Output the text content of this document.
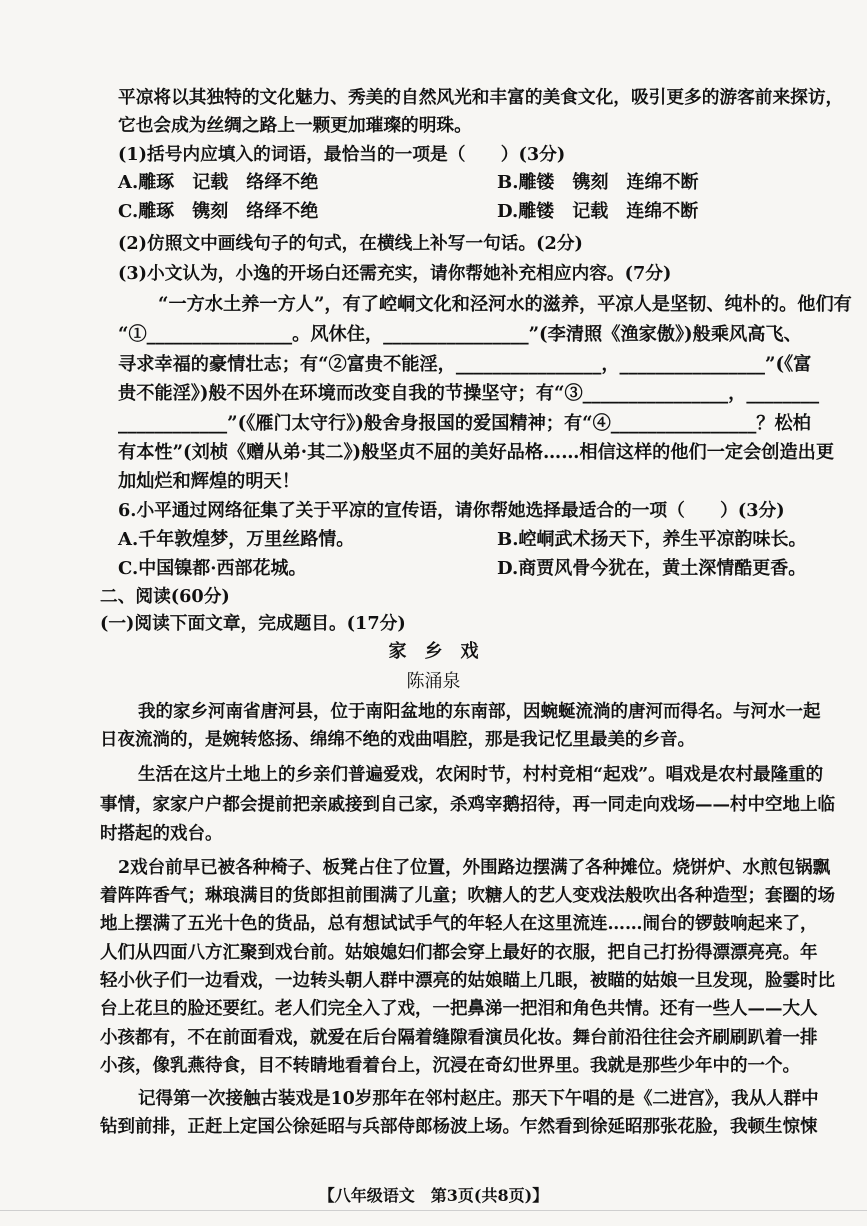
平凉将以其独特的文化魅力、秀美的自然风光和丰富的美食文化，吸引更多的游客前来探访，
它也会成为丝绸之路上一颗更加璀璨的明珠。
(1)括号内应填入的词语，最恰当的一项是（　　）(3分)
(2)仿照文中画线句子的句式，在横线上补写一句话。(2分)
(3)小文认为，小逸的开场白还需充实，请你帮她补充相应内容。(7分)
“一方水土养一方人”，有了崆峒文化和泾河水的滋养，平凉人是坚韧、纯朴的。他们有
“①________________。风休住，________________”(李清照《渔家傲》)般乘风高飞、
寻求幸福的豪情壮志；有“②富贵不能淫，________________，________________”(《富
贵不能淫》)般不因外在环境而改变自我的节操坚守；有“③________________，________
____________”(《雁门太守行》)般舍身报国的爱国精神；有“④________________？松柏
有本性”(刘桢《赠从弟·其二》)般坚贞不屈的美好品格……相信这样的他们一定会创造出更
加灿烂和辉煌的明天！
6.小平通过网络征集了关于平凉的宣传语，请你帮她选择最适合的一项（　　）(3分)
二、阅读(60分)
(一)阅读下面文章，完成题目。(17分)
我的家乡河南省唐河县，位于南阳盆地的东南部，因蜿蜒流淌的唐河而得名。与河水一起
日夜流淌的，是婉转悠扬、绵绵不绝的戏曲唱腔，那是我记忆里最美的乡音。
生活在这片土地上的乡亲们普遍爱戏，农闲时节，村村竞相“起戏”。唱戏是农村最隆重的
事情，家家户户都会提前把亲戚接到自己家，杀鸡宰鹅招待，再一同走向戏场——村中空地上临
时搭起的戏台。
2戏台前早已被各种椅子、板凳占住了位置，外围路边摆满了各种摊位。烧饼炉、水煎包锅飘
着阵阵香气；琳琅满目的货郎担前围满了儿童；吹糖人的艺人变戏法般吹出各种造型；套圈的场
地上摆满了五光十色的货品，总有想试试手气的年轻人在这里流连……闹台的锣鼓响起来了，
人们从四面八方汇聚到戏台前。姑娘媳妇们都会穿上最好的衣服，把自己打扮得漂漂亮亮。年
轻小伙子们一边看戏，一边转头朝人群中漂亮的姑娘瞄上几眼，被瞄的姑娘一旦发现，脸霎时比
台上花旦的脸还要红。老人们完全入了戏，一把鼻涕一把泪和角色共情。还有一些人——大人
小孩都有，不在前面看戏，就爱在后台隔着缝隙看演员化妆。舞台前沿往往会齐刷刷趴着一排
小孩，像乳燕待食，目不转睛地看着台上，沉浸在奇幻世界里。我就是那些少年中的一个。
记得第一次接触古装戏是10岁那年在邻村赵庄。那天下午唱的是《二进宫》，我从人群中
钻到前排，正赶上定国公徐延昭与兵部侍郎杨波上场。乍然看到徐延昭那张花脸，我顿生惊悚
A.雕琢　记载　络绎不绝	B.雕镂　镌刻　连绵不断
C.雕琢　镌刻　络绎不绝	D.雕镂　记载　连绵不断
A.千年敦煌梦，万里丝路情。	B.崆峒武术扬天下，养生平凉韵味长。
C.中国镍都·西部花城。	D.商贾风骨今犹在，黄土深情酷更香。
家　乡　戏
陈涌泉
【八年级语文　第3页(共8页)】
